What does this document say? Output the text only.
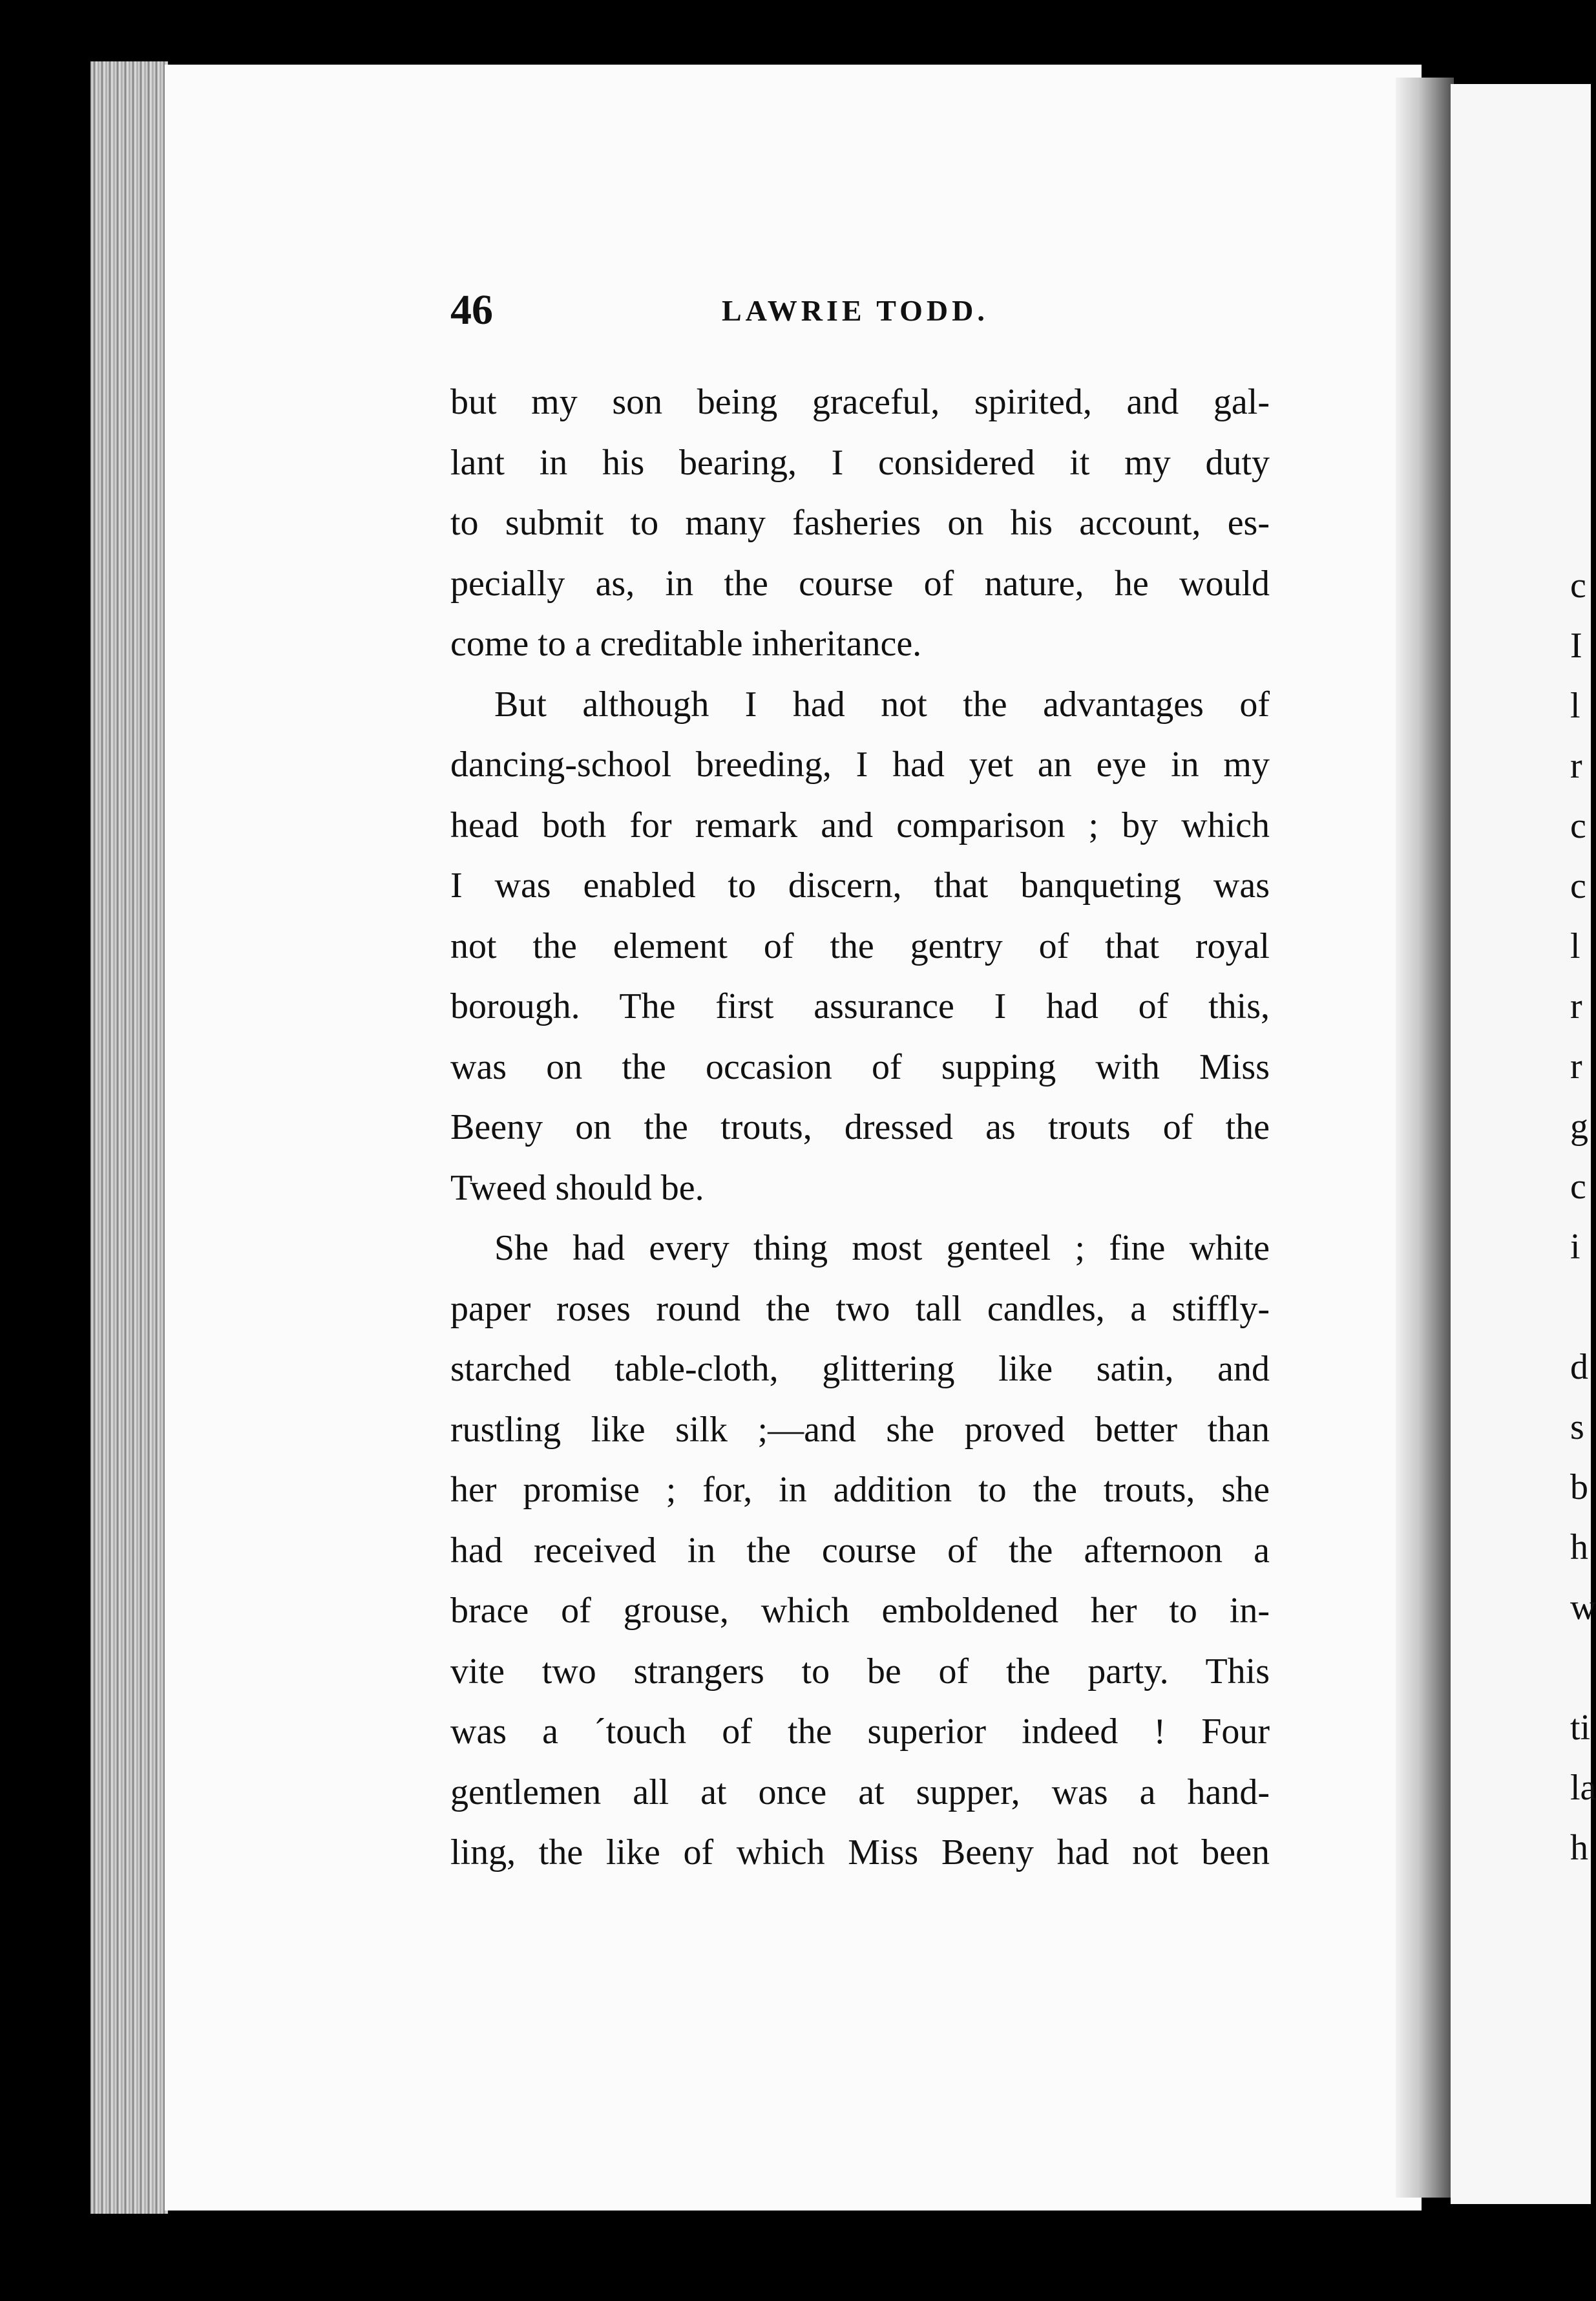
c
I
l
r
c
c
l
r
r
g
c
i
d
s
b
h
w
ti
la
h
46	LAWRIE TODD.
but my son being graceful, spirited, and gal-
lant in his bearing, I considered it my duty
to submit to many fasheries on his account, es-
pecially as, in the course of nature, he would
come to a creditable inheritance.
But although I had not the advantages of
dancing-school breeding, I had yet an eye in my
head both for remark and comparison ; by which
I was enabled to discern, that banqueting was
not the element of the gentry of that royal
borough. The first assurance I had of this,
was on the occasion of supping with Miss
Beeny on the trouts, dressed as trouts of the
Tweed should be.
She had every thing most genteel ; fine white
paper roses round the two tall candles, a stiffly-
starched table-cloth, glittering like satin, and
rustling like silk ;—and she proved better than
her promise ; for, in addition to the trouts, she
had received in the course of the afternoon a
brace of grouse, which emboldened her to in-
vite two strangers to be of the party. This
was a ´touch of the superior indeed ! Four
gentlemen all at once at supper, was a hand-
ling, the like of which Miss Beeny had not been
